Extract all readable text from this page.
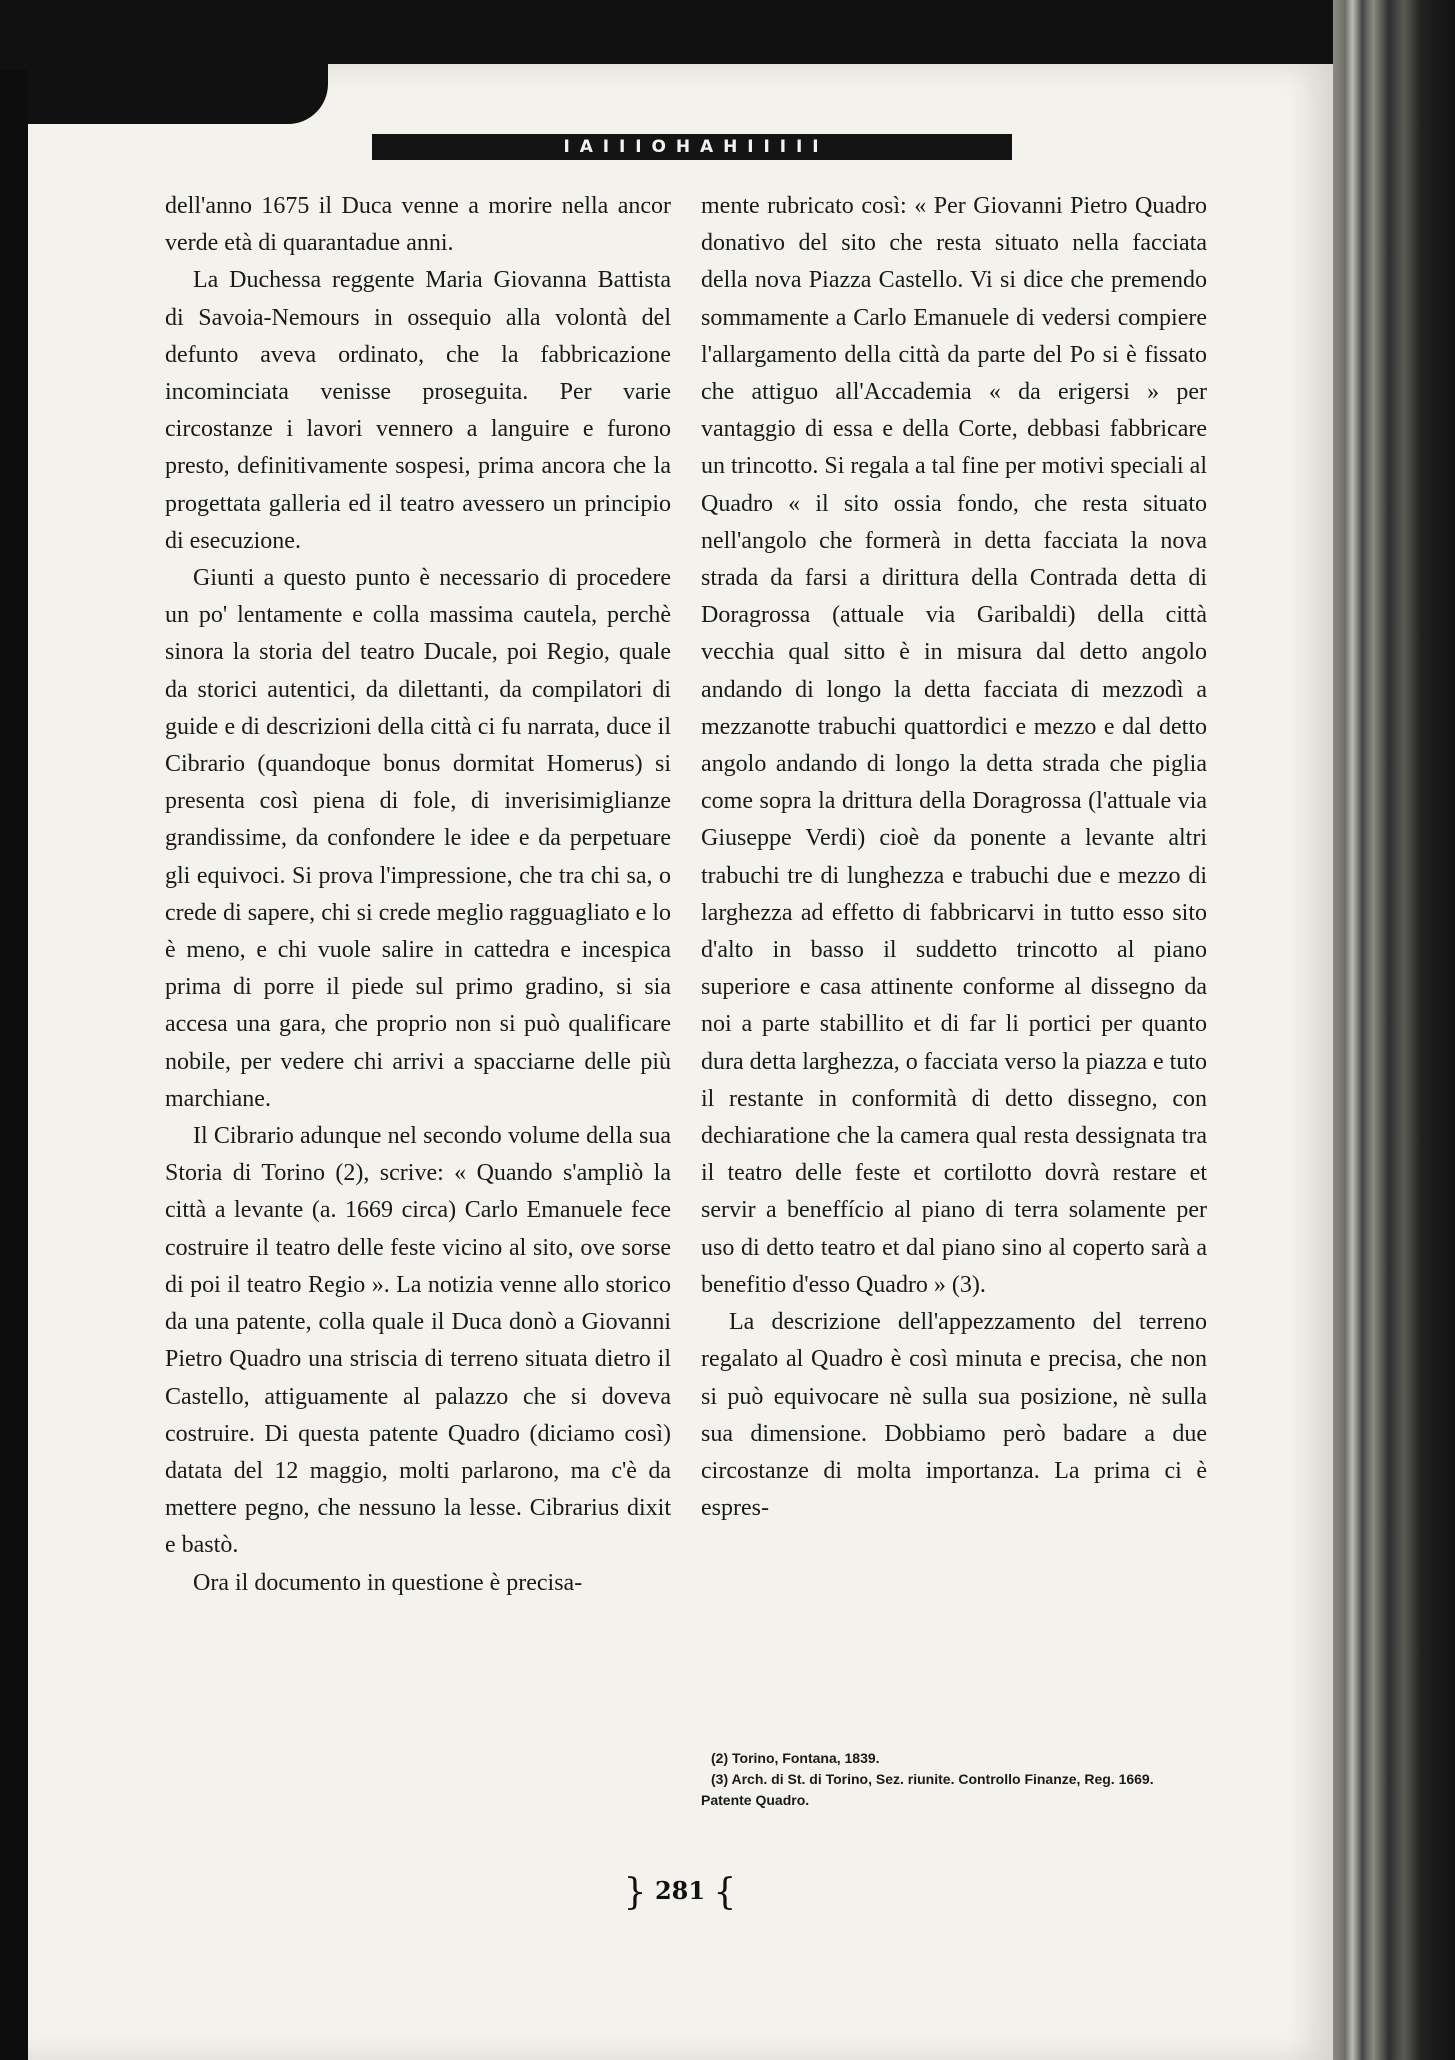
I A I I I O H A H I I I I I

dell'anno 1675 il Duca venne a morire nella ancor verde età di quarantadue anni.

La Duchessa reggente Maria Giovanna Battista di Savoia-Nemours in ossequio alla volontà del defunto aveva ordinato, che la fabbricazione incominciata venisse proseguita. Per varie circostanze i lavori vennero a languire e furono presto, definitivamente sospesi, prima ancora che la progettata galleria ed il teatro avessero un principio di esecuzione.

Giunti a questo punto è necessario di procedere un po' lentamente e colla massima cautela, perchè sinora la storia del teatro Ducale, poi Regio, quale da storici autentici, da dilettanti, da compilatori di guide e di descrizioni della città ci fu narrata, duce il Cibrario (quandoque bonus dormitat Homerus) si presenta così piena di fole, di inverisimiglianze grandissime, da confondere le idee e da perpetuare gli equivoci. Si prova l'impressione, che tra chi sa, o crede di sapere, chi si crede meglio ragguagliato e lo è meno, e chi vuole salire in cattedra e incespica prima di porre il piede sul primo gradino, si sia accesa una gara, che proprio non si può qualificare nobile, per vedere chi arrivi a spacciarne delle più marchiane.

Il Cibrario adunque nel secondo volume della sua Storia di Torino (2), scrive: « Quando s'ampliò la città a levante (a. 1669 circa) Carlo Emanuele fece costruire il teatro delle feste vicino al sito, ove sorse di poi il teatro Regio ». La notizia venne allo storico da una patente, colla quale il Duca donò a Giovanni Pietro Quadro una striscia di terreno situata dietro il Castello, attiguamente al palazzo che si doveva costruire. Di questa patente Quadro (diciamo così) datata del 12 maggio, molti parlarono, ma c'è da mettere pegno, che nessuno la lesse. Cibrarius dixit e bastò.

Ora il documento in questione è precisa-

mente rubricato così: « Per Giovanni Pietro Quadro donativo del sito che resta situato nella facciata della nova Piazza Castello. Vi si dice che premendo sommamente a Carlo Emanuele di vedersi compiere l'allargamento della città da parte del Po si è fissato che attiguo all'Accademia « da erigersi » per vantaggio di essa e della Corte, debbasi fabbricare un trincotto. Si regala a tal fine per motivi speciali al Quadro « il sito ossia fondo, che resta situato nell'angolo che formerà in detta facciata la nova strada da farsi a dirittura della Contrada detta di Doragrossa (attuale via Garibaldi) della città vecchia qual sitto è in misura dal detto angolo andando di longo la detta facciata di mezzodì a mezzanotte trabuchi quattordici e mezzo e dal detto angolo andando di longo la detta strada che piglia come sopra la drittura della Doragrossa (l'attuale via Giuseppe Verdi) cioè da ponente a levante altri trabuchi tre di lunghezza e trabuchi due e mezzo di larghezza ad effetto di fabbricarvi in tutto esso sito d'alto in basso il suddetto trincotto al piano superiore e casa attinente conforme al dissegno da noi a parte stabillito et di far li portici per quanto dura detta larghezza, o facciata verso la piazza e tuto il restante in conformità di detto dissegno, con dechiaratione che la camera qual resta dessignata tra il teatro delle feste et cortilotto dovrà restare et servir a beneffício al piano di terra solamente per uso di detto teatro et dal piano sino al coperto sarà a benefitio d'esso Quadro » (3).

La descrizione dell'appezzamento del terreno regalato al Quadro è così minuta e precisa, che non si può equivocare nè sulla sua posizione, nè sulla sua dimensione. Dobbiamo però badare a due circostanze di molta importanza. La prima ci è espres-

(2) Torino, Fontana, 1839.
(3) Arch. di St. di Torino, Sez. riunite. Controllo Finanze, Reg. 1669. Patente Quadro.
} 281 {
